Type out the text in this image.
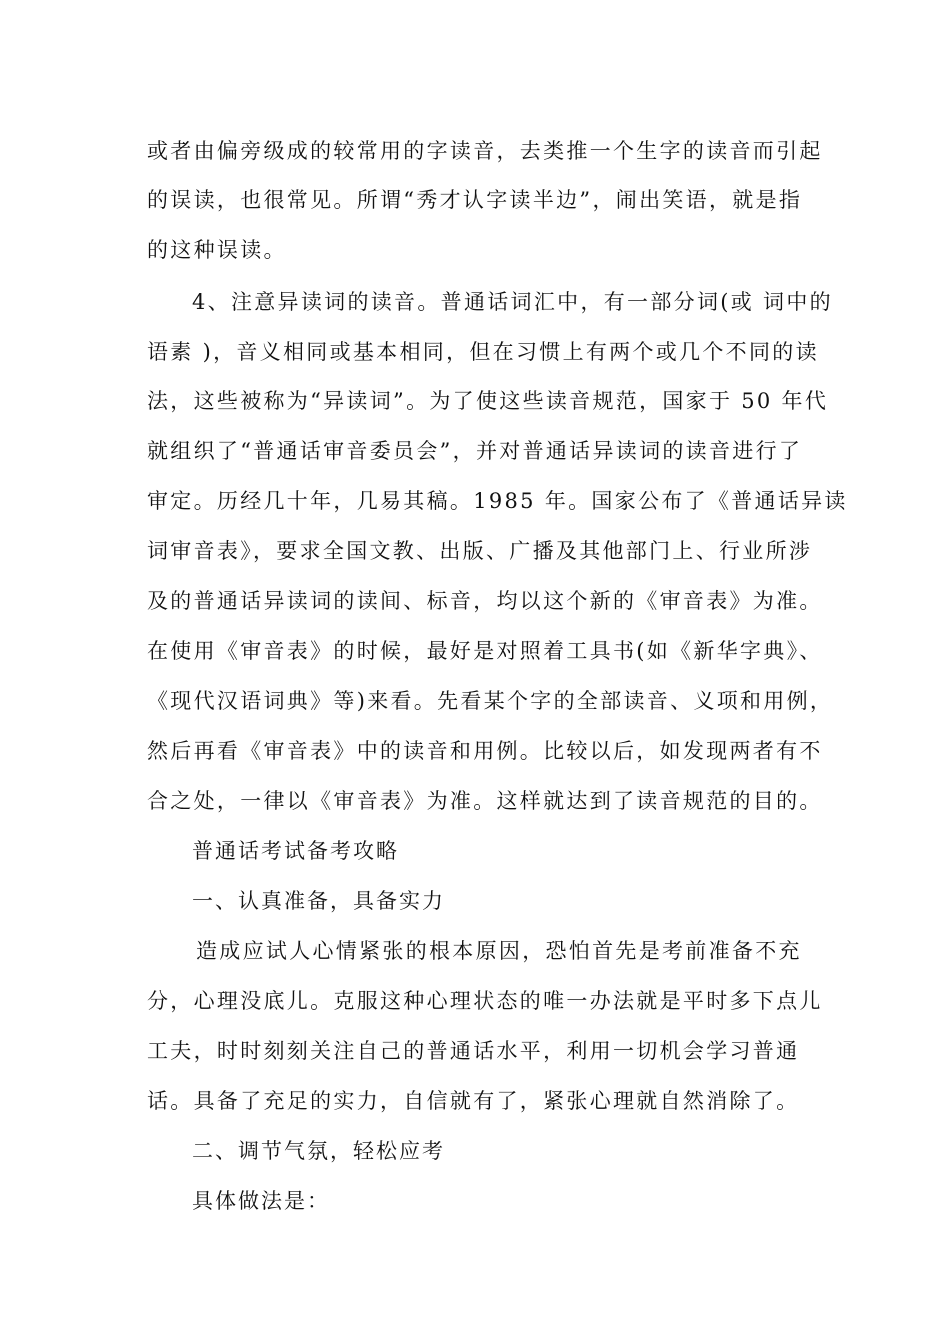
或者由偏旁级成的较常用的字读音，去类推一个生字的读音而引起
的误读，也很常见。所谓“秀才认字读半边”，闹出笑语，就是指
的这种误读。
4、注意异读词的读音。普通话词汇中，有一部分词(或 词中的
语素 )，音义相同或基本相同，但在习惯上有两个或几个不同的读
法，这些被称为“异读词”。为了使这些读音规范，国家于 50 年代
就组织了“普通话审音委员会”，并对普通话异读词的读音进行了
审定。历经几十年，几易其稿。1985 年。国家公布了《普通话异读
词审音表》，要求全国文教、出版、广播及其他部门上、行业所涉
及的普通话异读词的读间、标音，均以这个新的《审音表》为准。
在使用《审音表》的时候，最好是对照着工具书(如《新华字典》、
《现代汉语词典》等)来看。先看某个字的全部读音、义项和用例，
然后再看《审音表》中的读音和用例。比较以后，如发现两者有不
合之处，一律以《审音表》为准。这样就达到了读音规范的目的。
普通话考试备考攻略
一、认真准备，具备实力
造成应试人心情紧张的根本原因，恐怕首先是考前准备不充
分，心理没底儿。克服这种心理状态的唯一办法就是平时多下点儿
工夫，时时刻刻关注自己的普通话水平，利用一切机会学习普通
话。具备了充足的实力，自信就有了，紧张心理就自然消除了。
二、调节气氛，轻松应考
具体做法是：
